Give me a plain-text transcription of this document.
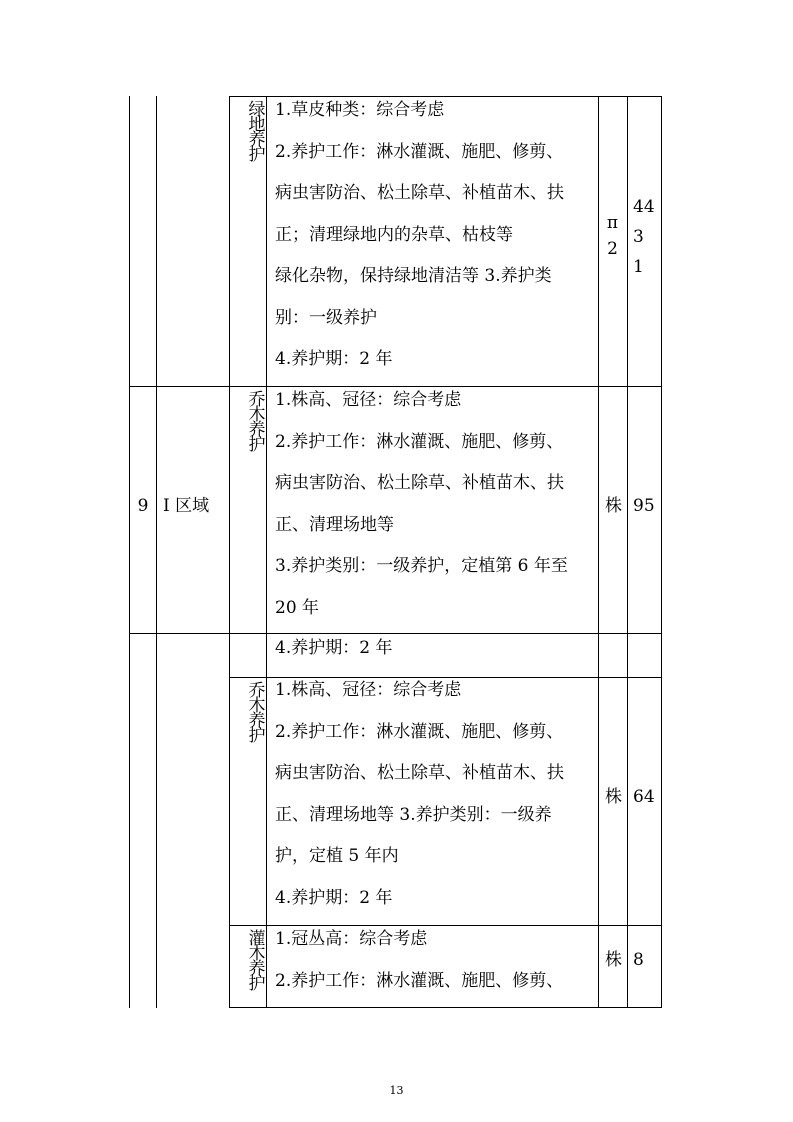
绿
地
养
护
1.草皮种类：综合考虑
2.养护工作：淋水灌溉、施肥、修剪、
病虫害防治、松土除草、补植苗木、扶
正；清理绿地内的杂草、枯枝等
绿化杂物，保持绿地清洁等 3.养护类
别：一级养护
4.养护期：2 年
π
2
44
3
1
9 I 区域
乔
木
养
护
1.株高、冠径：综合考虑
2.养护工作：淋水灌溉、施肥、修剪、
病虫害防治、松土除草、补植苗木、扶
正、清理场地等
3.养护类别：一级养护，定植第 6 年至
20 年
株 95
4.养护期：2 年
乔
木
养
护
1.株高、冠径：综合考虑
2.养护工作：淋水灌溉、施肥、修剪、
病虫害防治、松土除草、补植苗木、扶
正、清理场地等 3.养护类别：一级养
护，定植 5 年内
4.养护期：2 年
株 64
灌
木
养
护
1.冠丛高：综合考虑
2.养护工作：淋水灌溉、施肥、修剪、
株 8
13
